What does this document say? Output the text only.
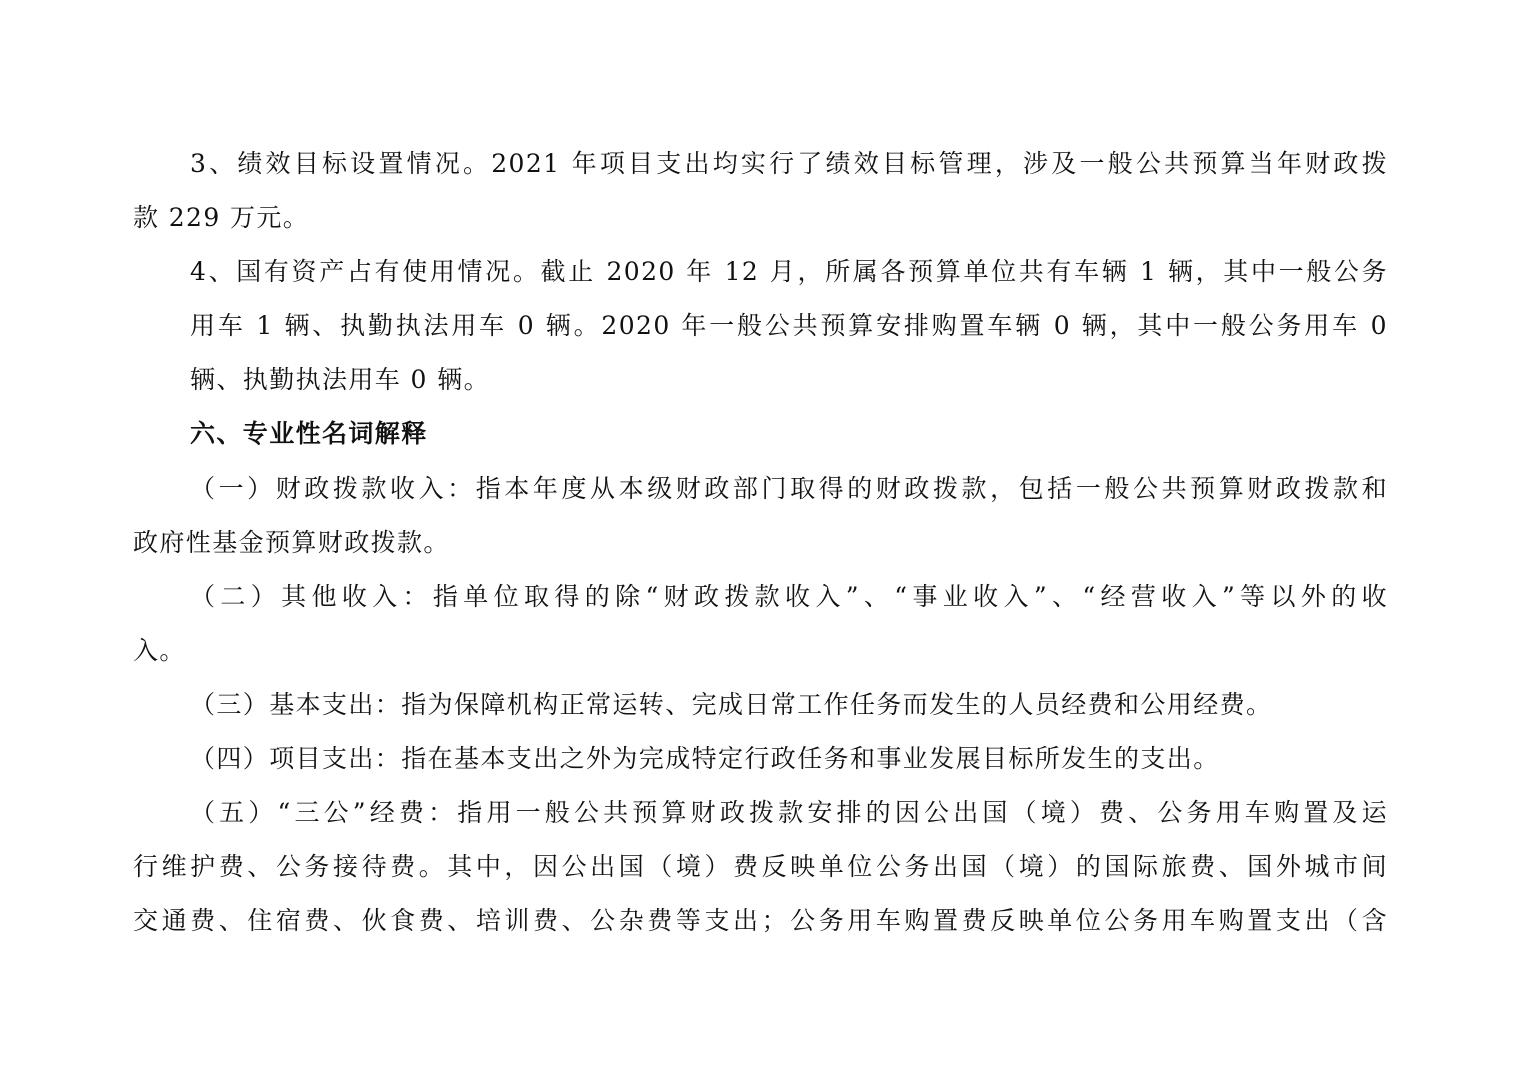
3、绩效目标设置情况。2021 年项目支出均实行了绩效目标管理，涉及一般公共预算当年财政拨
款 229 万元。
4、国有资产占有使用情况。截止 2020 年 12 月，所属各预算单位共有车辆 1 辆，其中一般公务
用车 1 辆、执勤执法用车 0 辆。2020 年一般公共预算安排购置车辆 0 辆，其中一般公务用车 0
辆、执勤执法用车 0 辆。
六、专业性名词解释
（一）财政拨款收入：指本年度从本级财政部门取得的财政拨款，包括一般公共预算财政拨款和
政府性基金预算财政拨款。
（二）其他收入：指单位取得的除“财政拨款收入”、“事业收入”、“经营收入”等以外的收
入。
（三）基本支出：指为保障机构正常运转、完成日常工作任务而发生的人员经费和公用经费。
（四）项目支出：指在基本支出之外为完成特定行政任务和事业发展目标所发生的支出。
（五）“三公”经费：指用一般公共预算财政拨款安排的因公出国（境）费、公务用车购置及运
行维护费、公务接待费。其中，因公出国（境）费反映单位公务出国（境）的国际旅费、国外城市间
交通费、住宿费、伙食费、培训费、公杂费等支出；公务用车购置费反映单位公务用车购置支出（含
